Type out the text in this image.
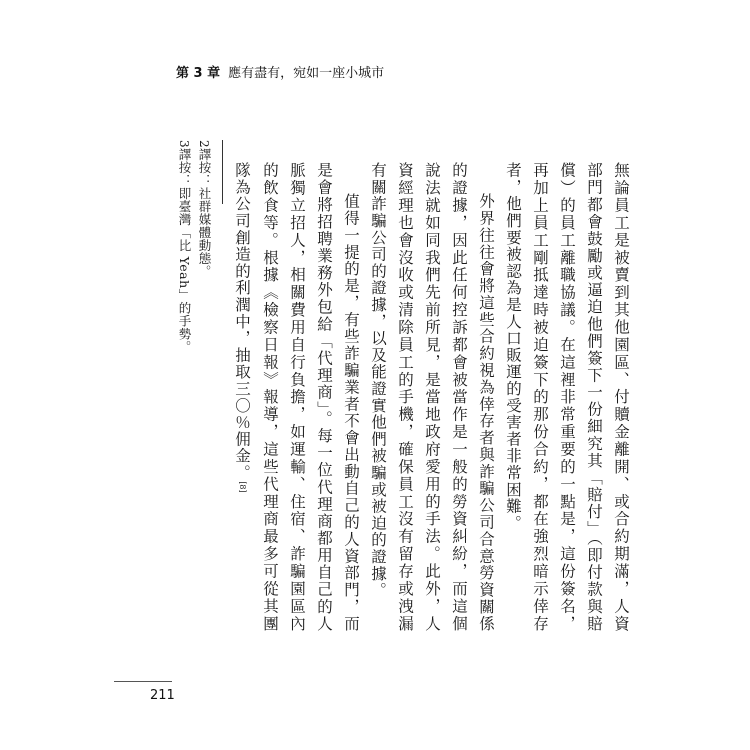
第 3 章 應有盡有，宛如一座小城市

無論員工是被賣到其他園區、付贖金離開、或合約期滿，人資部門都會鼓勵或逼迫他們簽下一份細究其「賠付」（即付款與賠償）的員工離職協議。在這裡非常重要的一點是，這份簽名，再加上員工剛抵達時被迫簽下的那份合約，都在強烈暗示倖存者，他們要被認為是人口販運的受害者非常困難。

外界往往會將這些合約視為倖存者與詐騙公司合意勞資關係的證據，因此任何控訴都會被當作是一般的勞資糾紛，而這個說法就如同我們先前所見，是當地政府愛用的手法。此外，人資經理也會沒收或清除員工的手機，確保員工沒有留存或洩漏有關詐騙公司的證據，以及能證實他們被騙或被迫的證據。

值得一提的是，有些詐騙業者不會出動自己的人資部門，而是會將招聘業務外包給「代理商」。每一位代理商都用自己的人脈獨立招人，相關費用自行負擔，如運輸、住宿、詐騙園區內的飲食等。根據《檢察日報》報導，這些代理商最多可從其團隊為公司創造的利潤中，抽取三〇％佣金。[8]

2譯按：社群媒體動態。

3譯按：即臺灣「比 Yeah」的手勢。

211
